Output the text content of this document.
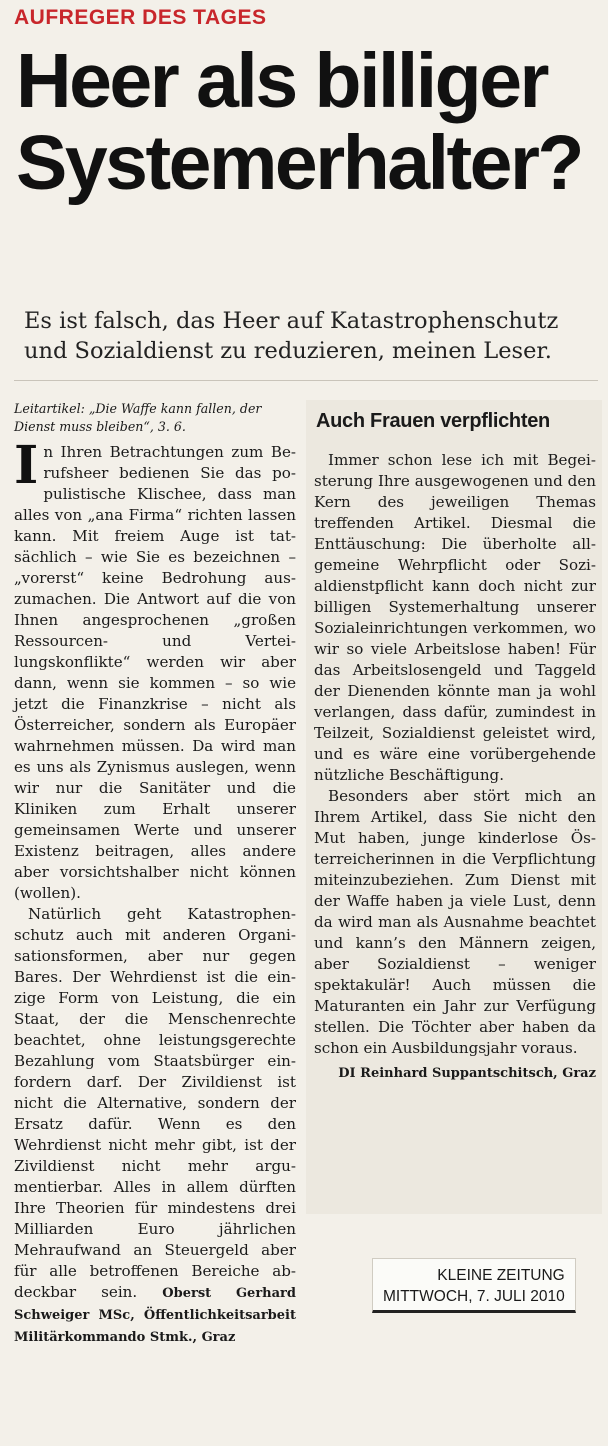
AUFREGER DES TAGES
Heer als billiger
Systemerhalter?
Es ist falsch, das Heer auf Katastrophenschutz und Sozialdienst zu reduzieren, meinen Leser.

Leitartikel: „Die Waffe kann fallen, der Dienst muss bleiben“, 3. 6.

In Ihren Betrachtungen zum Berufsheer bedienen Sie das populistische Klischee, dass man alles von „ana Firma“ richten lassen kann. Mit freiem Auge ist tatsächlich – wie Sie es bezeichnen – „vorerst“ keine Bedrohung auszumachen. Die Antwort auf die von Ihnen angesprochenen „großen Ressourcen- und Verteilungskonflikte“ werden wir aber dann, wenn sie kommen – so wie jetzt die Finanzkrise – nicht als Österreicher, sondern als Europäer wahrnehmen müssen. Da wird man es uns als Zynismus auslegen, wenn wir nur die Sanitäter und die Kliniken zum Erhalt unserer gemeinsamen Werte und unserer Existenz beitragen, alles andere aber vorsichtshalber nicht können (wollen).

Natürlich geht Katastrophenschutz auch mit anderen Organisationsformen, aber nur gegen Bares. Der Wehrdienst ist die einzige Form von Leistung, die ein Staat, der die Menschenrechte beachtet, ohne leistungsgerechte Bezahlung vom Staatsbürger einfordern darf. Der Zivildienst ist nicht die Alternative, sondern der Ersatz dafür. Wenn es den Wehrdienst nicht mehr gibt, ist der Zivildienst nicht mehr argumentierbar. Alles in allem dürften Ihre Theorien für mindestens drei Milliarden Euro jährlichen Mehraufwand an Steuergeld aber für alle betroffenen Bereiche abdeckbar sein. Oberst Gerhard Schweiger MSc, Öffentlichkeitsarbeit Militärkommando Stmk., Graz

Auch Frauen verpflichten

Immer schon lese ich mit Begeisterung Ihre ausgewogenen und den Kern des jeweiligen Themas treffenden Artikel. Diesmal die Enttäuschung: Die überholte allgemeine Wehrpflicht oder Sozialdienstpflicht kann doch nicht zur billigen Systemerhaltung unserer Sozialeinrichtungen verkommen, wo wir so viele Arbeitslose haben! Für das Arbeitslosengeld und Taggeld der Dienenden könnte man ja wohl verlangen, dass dafür, zumindest in Teilzeit, Sozialdienst geleistet wird, und es wäre eine vorübergehende nützliche Beschäftigung.

Besonders aber stört mich an Ihrem Artikel, dass Sie nicht den Mut haben, junge kinderlose Österreicherinnen in die Verpflichtung miteinzubeziehen. Zum Dienst mit der Waffe haben ja viele Lust, denn da wird man als Ausnahme beachtet und kann’s den Männern zeigen, aber Sozialdienst – weniger spektakulär! Auch müssen die Maturanten ein Jahr zur Verfügung stellen. Die Töchter aber haben da schon ein Ausbildungsjahr voraus.

DI Reinhard Suppantschitsch, Graz
KLEINE ZEITUNG
MITTWOCH, 7. JULI 2010
